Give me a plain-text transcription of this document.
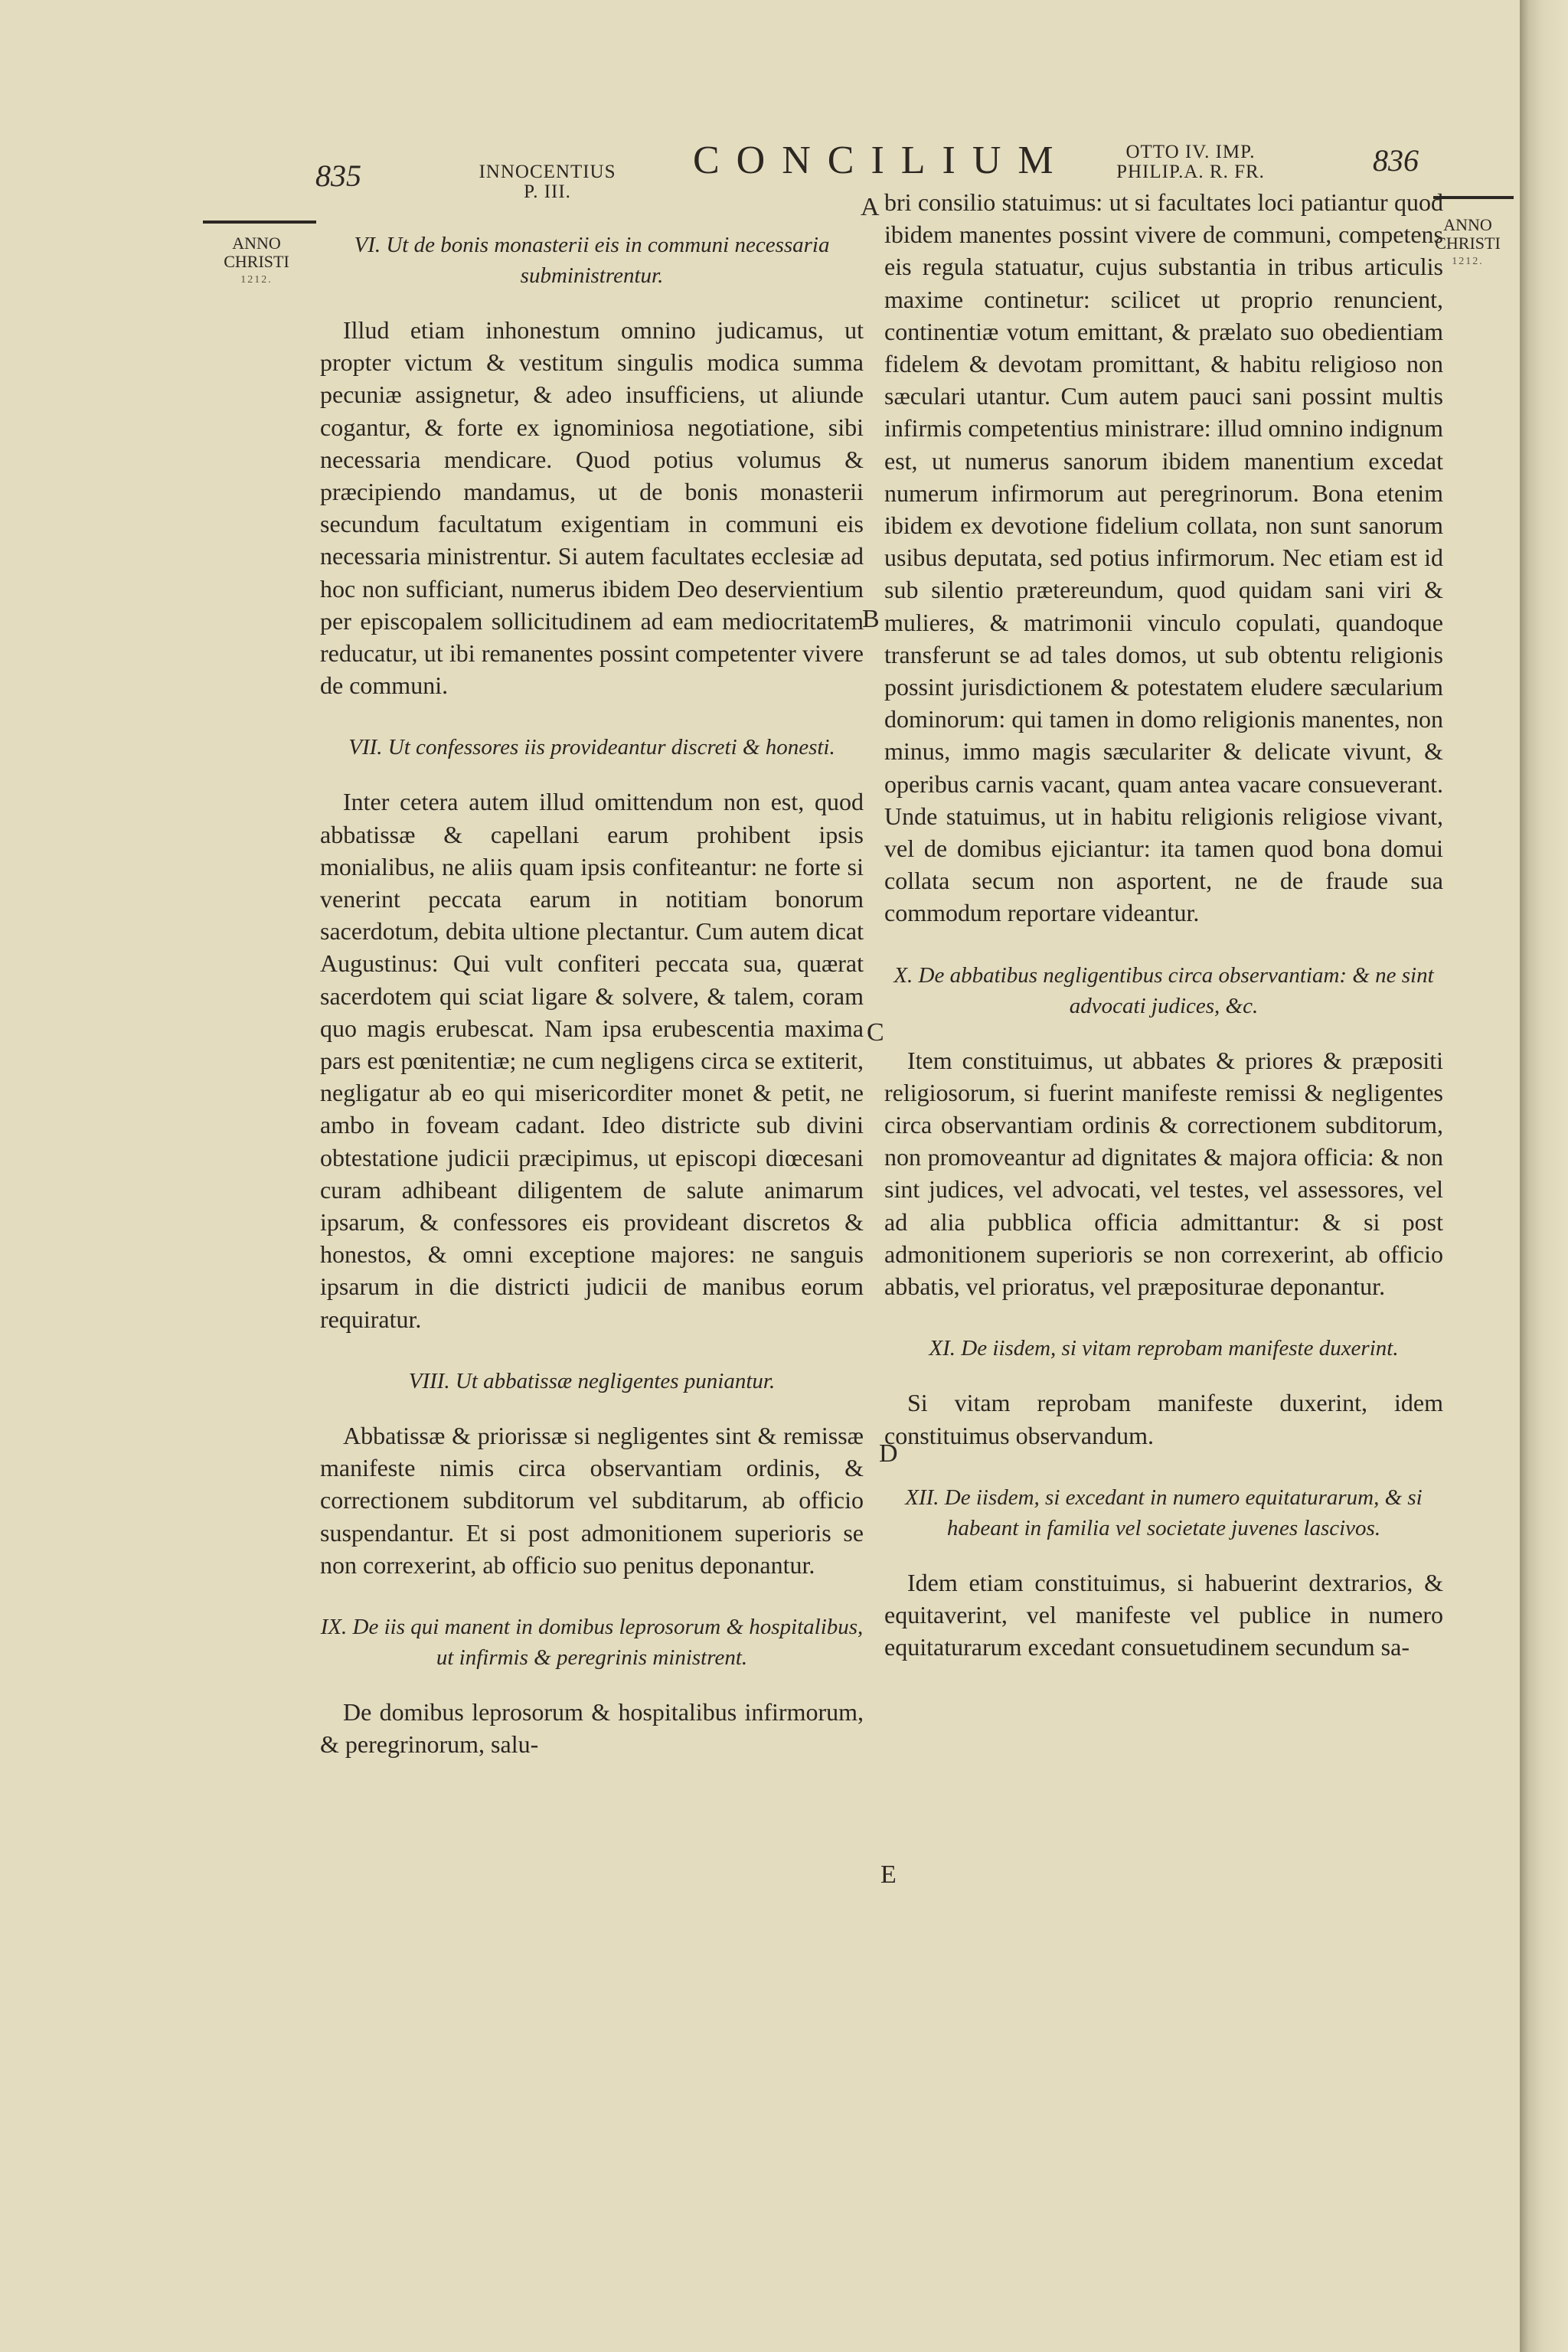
835	INNOCENTIUS
P. III.
CONCILIUM	OTTO IV. IMP.
PHILIP.A. R. FR.	836
ANNO
CHRISTI
1212.
ANNO
CHRISTI
1212.
A
B
C
D
E

VI. Ut de bonis monasterii eis in communi necessaria subministrentur.

Illud etiam inhonestum omnino judicamus, ut propter victum & vestitum singulis modica summa pecuniæ assignetur, & adeo insufficiens, ut aliunde cogantur, & forte ex ignominiosa negotiatione, sibi necessaria mendicare. Quod potius volumus & præcipiendo mandamus, ut de bonis monasterii secundum facultatum exigentiam in communi eis necessaria ministrentur. Si autem facultates ecclesiæ ad hoc non sufficiant, numerus ibidem Deo deservientium per episcopalem sollicitudinem ad eam mediocritatem reducatur, ut ibi remanentes possint competenter vivere de communi.

VII. Ut confessores iis provideantur discreti & honesti.

Inter cetera autem illud omittendum non est, quod abbatissæ & capellani earum prohibent ipsis monialibus, ne aliis quam ipsis confiteantur: ne forte si venerint peccata earum in notitiam bonorum sacerdotum, debita ultione plectantur. Cum autem dicat Augustinus: Qui vult confiteri peccata sua, quærat sacerdotem qui sciat ligare & solvere, & talem, coram quo magis erubescat. Nam ipsa erubescentia maxima pars est pœnitentiæ; ne cum negligens circa se extiterit, negligatur ab eo qui misericorditer monet & petit, ne ambo in foveam cadant. Ideo districte sub divini obtestatione judicii præcipimus, ut episcopi diœcesani curam adhibeant diligentem de salute animarum ipsarum, & confessores eis provideant discretos & honestos, & omni exceptione majores: ne sanguis ipsarum in die districti judicii de manibus eorum requiratur.

VIII. Ut abbatissæ negligentes puniantur.

Abbatissæ & priorissæ si negligentes sint & remissæ manifeste nimis circa observantiam ordinis, & correctionem subditorum vel subditarum, ab officio suspendantur. Et si post admonitionem superioris se non correxerint, ab officio suo penitus deponantur.

IX. De iis qui manent in domibus leprosorum & hospitalibus, ut infirmis & peregrinis ministrent.

De domibus leprosorum & hospitalibus infirmorum, & peregrinorum, salu-

bri consilio statuimus: ut si facultates loci patiantur quod ibidem manentes possint vivere de communi, competens eis regula statuatur, cujus substantia in tribus articulis maxime continetur: scilicet ut proprio renuncient, continentiæ votum emittant, & prælato suo obedientiam fidelem & devotam promittant, & habitu religioso non sæculari utantur. Cum autem pauci sani possint multis infirmis competentius ministrare: illud omnino indignum est, ut numerus sanorum ibidem manentium excedat numerum infirmorum aut peregrinorum. Bona etenim ibidem ex devotione fidelium collata, non sunt sanorum usibus deputata, sed potius infirmorum. Nec etiam est id sub silentio prætereundum, quod quidam sani viri & mulieres, & matrimonii vinculo copulati, quandoque transferunt se ad tales domos, ut sub obtentu religionis possint jurisdictionem & potestatem eludere sæcularium dominorum: qui tamen in domo religionis manentes, non minus, immo magis sæculariter & delicate vivunt, & operibus carnis vacant, quam antea vacare consueverant. Unde statuimus, ut in habitu religionis religiose vivant, vel de domibus ejiciantur: ita tamen quod bona domui collata secum non asportent, ne de fraude sua commodum reportare videantur.

X. De abbatibus negligentibus circa observantiam: & ne sint advocati judices, &c.

Item constituimus, ut abbates & priores & præpositi religiosorum, si fuerint manifeste remissi & negligentes circa observantiam ordinis & correctionem subditorum, non promoveantur ad dignitates & majora officia: & non sint judices, vel advocati, vel testes, vel assessores, vel ad alia pubblica officia admittantur: & si post admonitionem superioris se non correxerint, ab officio abbatis, vel prioratus, vel præpositurae deponantur.

XI. De iisdem, si vitam reprobam manifeste duxerint.

Si vitam reprobam manifeste duxerint, idem constituimus observandum.

XII. De iisdem, si excedant in numero equitaturarum, & si habeant in familia vel societate juvenes lascivos.

Idem etiam constituimus, si habuerint dextrarios, & equitaverint, vel manifeste vel publice in numero equitaturarum excedant consuetudinem secundum sa-
